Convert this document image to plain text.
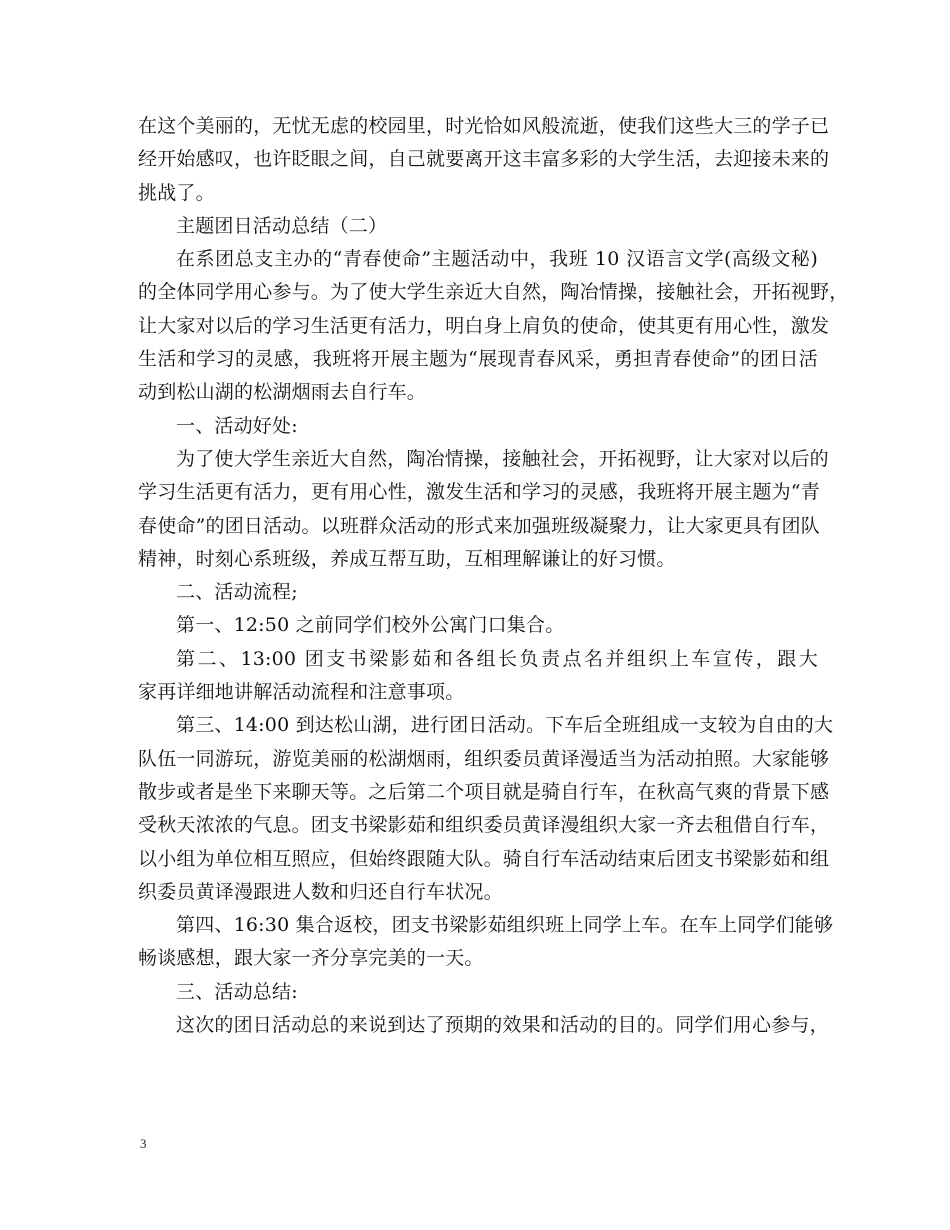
在这个美丽的，无忧无虑的校园里，时光恰如风般流逝，使我们这些大三的学子已
经开始感叹，也许眨眼之间，自己就要离开这丰富多彩的大学生活，去迎接未来的
挑战了。
主题团日活动总结（二）
在系团总支主办的“青春使命”主题活动中，我班 10 汉语言文学(高级文秘)
的全体同学用心参与。为了使大学生亲近大自然，陶冶情操，接触社会，开拓视野，
让大家对以后的学习生活更有活力，明白身上肩负的使命，使其更有用心性，激发
生活和学习的灵感，我班将开展主题为“展现青春风采，勇担青春使命”的团日活
动到松山湖的松湖烟雨去自行车。
一、活动好处:
为了使大学生亲近大自然，陶冶情操，接触社会，开拓视野，让大家对以后的
学习生活更有活力，更有用心性，激发生活和学习的灵感，我班将开展主题为“青
春使命”的团日活动。以班群众活动的形式来加强班级凝聚力，让大家更具有团队
精神，时刻心系班级，养成互帮互助，互相理解谦让的好习惯。
二、活动流程;
第一、12:50 之前同学们校外公寓门口集合。
第二、13:00 团支书梁影茹和各组长负责点名并组织上车宣传，跟大
家再详细地讲解活动流程和注意事项。
第三、14:00 到达松山湖，进行团日活动。下车后全班组成一支较为自由的大
队伍一同游玩，游览美丽的松湖烟雨，组织委员黄译漫适当为活动拍照。大家能够
散步或者是坐下来聊天等。之后第二个项目就是骑自行车，在秋高气爽的背景下感
受秋天浓浓的气息。团支书梁影茹和组织委员黄译漫组织大家一齐去租借自行车，
以小组为单位相互照应，但始终跟随大队。骑自行车活动结束后团支书梁影茹和组
织委员黄译漫跟进人数和归还自行车状况。
第四、16:30 集合返校，团支书梁影茹组织班上同学上车。在车上同学们能够
畅谈感想，跟大家一齐分享完美的一天。
三、活动总结:
这次的团日活动总的来说到达了预期的效果和活动的目的。同学们用心参与，
3
